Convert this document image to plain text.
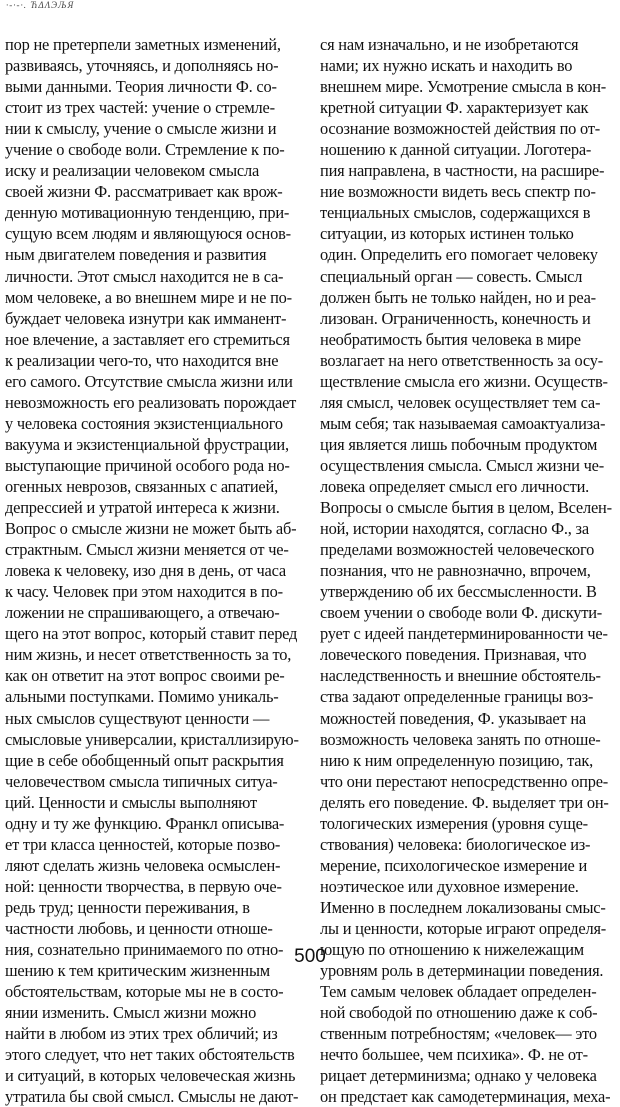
·-·-·. ЋΔΛЭЉЯ
пор не претерпели заметных изменений,
развиваясь, уточняясь, и дополняясь но-
выми данными. Теория личности Ф. со-
стоит из трех частей: учение о стремле-
нии к смыслу, учение о смысле жизни и
учение о свободе воли. Стремление к по-
иску и реализации человеком смысла
своей жизни Ф. рассматривает как врож-
денную мотивационную тенденцию, при-
сущую всем людям и являющуюся основ-
ным двигателем поведения и развития
личности. Этот смысл находится не в са-
мом человеке, а во внешнем мире и не по-
буждает человека изнутри как имманент-
ное влечение, а заставляет его стремиться
к реализации чего-то, что находится вне
его самого. Отсутствие смысла жизни или
невозможность его реализовать порождает
у человека состояния экзистенциального
вакуума и экзистенциальной фрустрации,
выступающие причиной особого рода но-
огенных неврозов, связанных с апатией,
депрессией и утратой интереса к жизни.
Вопрос о смысле жизни не может быть аб-
страктным. Смысл жизни меняется от че-
ловека к человеку, изо дня в день, от часа
к часу. Человек при этом находится в по-
ложении не спрашивающего, а отвечаю-
щего на этот вопрос, который ставит перед
ним жизнь, и несет ответственность за то,
как он ответит на этот вопрос своими ре-
альными поступками. Помимо уникаль-
ных смыслов существуют ценности —
смысловые универсалии, кристаллизирую-
щие в себе обобщенный опыт раскрытия
человечеством смысла типичных ситуа-
ций. Ценности и смыслы выполняют
одну и ту же функцию. Франкл описыва-
ет три класса ценностей, которые позво-
ляют сделать жизнь человека осмыслен-
ной: ценности творчества, в первую оче-
редь труд; ценности переживания, в
частности любовь, и ценности отноше-
ния, сознательно принимаемого по отно-
шению к тем критическим жизненным
обстоятельствам, которые мы не в состо-
янии изменить. Смысл жизни можно
найти в любом из этих трех обличий; из
этого следует, что нет таких обстоятельств
и ситуаций, в которых человеческая жизнь
утратила бы свой смысл. Смыслы не дают-
ся нам изначально, и не изобретаются
нами; их нужно искать и находить во
внешнем мире. Усмотрение смысла в кон-
кретной ситуации Ф. характеризует как
осознание возможностей действия по от-
ношению к данной ситуации. Логотера-
пия направлена, в частности, на расшире-
ние возможности видеть весь спектр по-
тенциальных смыслов, содержащихся в
ситуации, из которых истинен только
один. Определить его помогает человеку
специальный орган — совесть. Смысл
должен быть не только найден, но и реа-
лизован. Ограниченность, конечность и
необратимость бытия человека в мире
возлагает на него ответственность за осу-
ществление смысла его жизни. Осуществ-
ляя смысл, человек осуществляет тем са-
мым себя; так называемая самоактуализа-
ция является лишь побочным продуктом
осуществления смысла. Смысл жизни че-
ловека определяет смысл его личности.
Вопросы о смысле бытия в целом, Вселен-
ной, истории находятся, согласно Ф., за
пределами возможностей человеческого
познания, что не равнозначно, впрочем,
утверждению об их бессмысленности. В
своем учении о свободе воли Ф. дискути-
рует с идеей пандетерминированности че-
ловеческого поведения. Признавая, что
наследственность и внешние обстоятель-
ства задают определенные границы воз-
можностей поведения, Ф. указывает на
возможность человека занять по отноше-
нию к ним определенную позицию, так,
что они перестают непосредственно опре-
делять его поведение. Ф. выделяет три он-
тологических измерения (уровня суще-
ствования) человека: биологическое из-
мерение, психологическое измерение и
ноэтическое или духовное измерение.
Именно в последнем локализованы смыс-
лы и ценности, которые играют определя-
ющую по отношению к нижележащим
уровням роль в детерминации поведения.
Тем самым человек обладает определен-
ной свободой по отношению даже к соб-
ственным потребностям; «человек— это
нечто большее, чем психика». Ф. не от-
рицает детерминизма; однако у человека
он предстает как самодетерминация, меха-
500
